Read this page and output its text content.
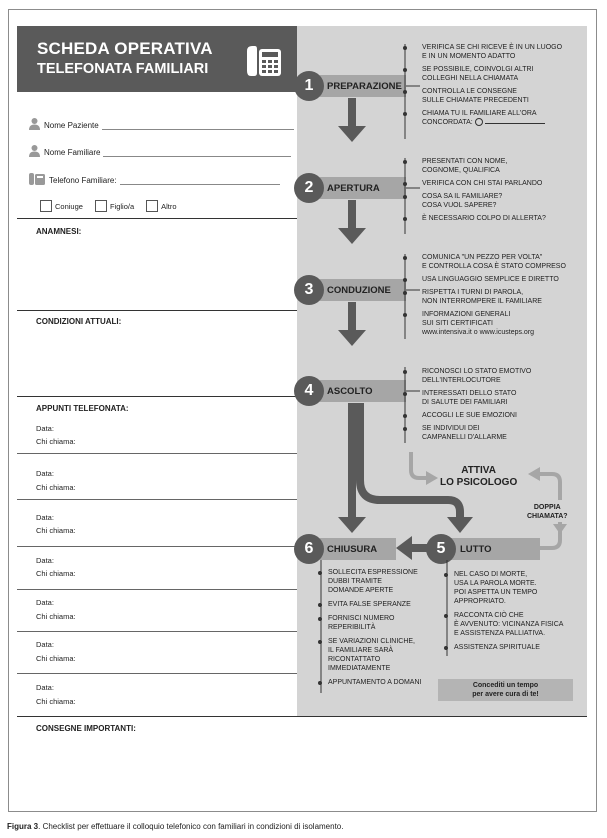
SCHEDA OPERATIVA
TELEFONATA FAMILIARI
Nome Paziente
Nome Familiare
Telefono Familiare:
Coniuge	Figlio/a	Altro
ANAMNESI:
CONDIZIONI ATTUALI:
APPUNTI TELEFONATA:
Data:
Chi chiama:
Data:
Chi chiama:
Data:
Chi chiama:
Data:
Chi chiama:
Data:
Chi chiama:
Data:
Chi chiama:
Data:
Chi chiama:
CONSEGNE IMPORTANTI:
1
2
3
4
6	5
PREPARAZIONE
APERTURA
CONDUZIONE
ASCOLTO
CHIUSURA	LUTTO
VERIFICA SE CHI RICEVE È IN UN LUOGO
E IN UN MOMENTO ADATTO
SE POSSIBILE, COINVOLGI ALTRI
COLLEGHI NELLA CHIAMATA
CONTROLLA LE CONSEGNE
SULLE CHIAMATE PRECEDENTI
CHIAMA TU IL FAMILIARE ALL'ORA
CONCORDATA:
PRESENTATI CON NOME,
COGNOME, QUALIFICA
VERIFICA CON CHI STAI PARLANDO
COSA SA IL FAMILIARE?
COSA VUOL SAPERE?
È NECESSARIO COLPO DI ALLERTA?
COMUNICA "UN PEZZO PER VOLTA"
E CONTROLLA COSA È STATO COMPRESO
USA LINGUAGGIO SEMPLICE E DIRETTO
RISPETTA I TURNI DI PAROLA,
NON INTERROMPERE IL FAMILIARE
INFORMAZIONI GENERALI
SUI SITI CERTIFICATI
www.intensiva.it o www.icusteps.org
RICONOSCI LO STATO EMOTIVO
DELL'INTERLOCUTORE
INTERESSATI DELLO STATO
DI SALUTE DEI FAMILIARI
ACCOGLI LE SUE EMOZIONI
SE INDIVIDUI DEI
CAMPANELLI D'ALLARME
ATTIVA
LO PSICOLOGO
DOPPIA
CHIAMATA?
SOLLECITA ESPRESSIONE
DUBBI TRAMITE
DOMANDE APERTE
EVITA FALSE SPERANZE
FORNISCI NUMERO
REPERIBILITÀ
SE VARIAZIONI CLINICHE,
IL FAMILIARE SARÀ
RICONTATTATO
IMMEDIATAMENTE
APPUNTAMENTO A DOMANI
NEL CASO DI MORTE,
USA LA PAROLA MORTE.
POI ASPETTA UN TEMPO
APPROPRIATO.
RACCONTA CIÒ CHE
È AVVENUTO: VICINANZA FISICA
E ASSISTENZA PALLIATIVA.
ASSISTENZA SPIRITUALE
Concediti un tempo
per avere cura di te!
Figura 3. Checklist per effettuare il colloquio telefonico con familiari in condizioni di isolamento.
